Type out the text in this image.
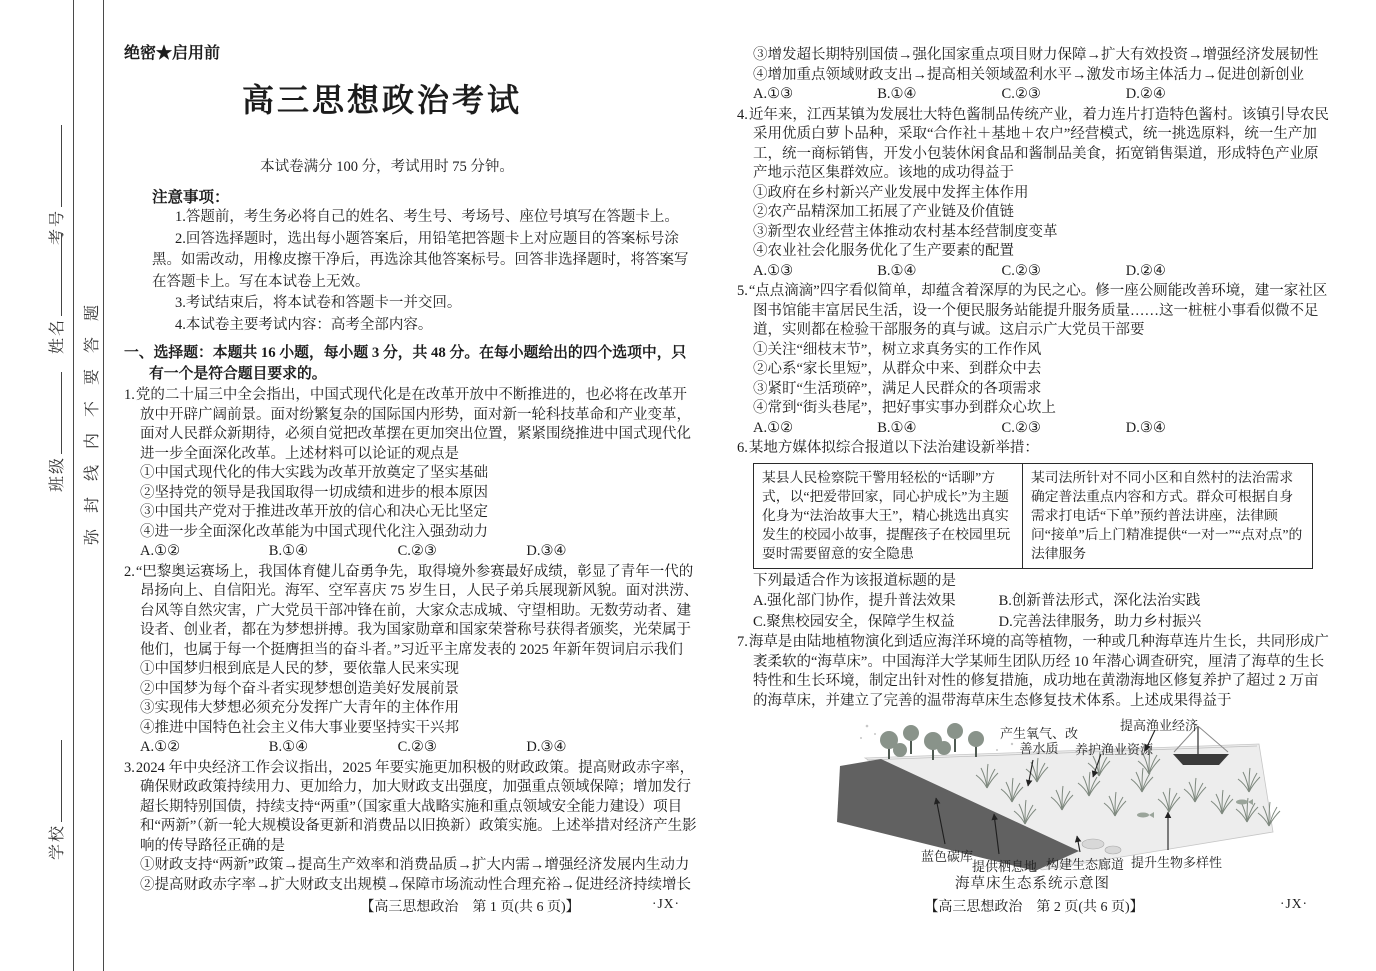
考号
姓名
班级
学校
弥封线内不要答题
绝密★启用前
高三思想政治考试
本试卷满分 100 分，考试用时 75 分钟。
注意事项：

1.答题前，考生务必将自己的姓名、考生号、考场号、座位号填写在答题卡上。

2.回答选择题时，选出每小题答案后，用铅笔把答题卡上对应题目的答案标号涂黑。如需改动，用橡皮擦干净后，再选涂其他答案标号。回答非选择题时，将答案写在答题卡上。写在本试卷上无效。

3.考试结束后，将本试卷和答题卡一并交回。

4.本试卷主要考试内容：高考全部内容。

一、选择题：本题共 16 小题，每小题 3 分，共 48 分。在每小题给出的四个选项中，只有一个是符合题目要求的。

1.党的二十届三中全会指出，中国式现代化是在改革开放中不断推进的，也必将在改革开放中开辟广阔前景。面对纷繁复杂的国际国内形势，面对新一轮科技革命和产业变革，面对人民群众新期待，必须自觉把改革摆在更加突出位置，紧紧围绕推进中国式现代化进一步全面深化改革。上述材料可以论证的观点是

①中国式现代化的伟大实践为改革开放奠定了坚实基础
②坚持党的领导是我国取得一切成绩和进步的根本原因
③中国共产党对于推进改革开放的信心和决心无比坚定
④进一步全面深化改革能为中国式现代化注入强劲动力
A.①②	B.①④	C.②③	D.③④

2.“巴黎奥运赛场上，我国体育健儿奋勇争先，取得境外参赛最好成绩，彰显了青年一代的昂扬向上、自信阳光。海军、空军喜庆 75 岁生日，人民子弟兵展现新风貌。面对洪涝、台风等自然灾害，广大党员干部冲锋在前，大家众志成城、守望相助。无数劳动者、建设者、创业者，都在为梦想拼搏。我为国家勋章和国家荣誉称号获得者颁奖，光荣属于他们，也属于每一个挺膺担当的奋斗者。”习近平主席发表的 2025 年新年贺词启示我们

①中国梦归根到底是人民的梦，要依靠人民来实现
②中国梦为每个奋斗者实现梦想创造美好发展前景
③实现伟大梦想必须充分发挥广大青年的主体作用
④推进中国特色社会主义伟大事业要坚持实干兴邦
A.①②	B.①④	C.②③	D.③④

3.2024 年中央经济工作会议指出，2025 年要实施更加积极的财政政策。提高财政赤字率，确保财政政策持续用力、更加给力，加大财政支出强度，加强重点领域保障；增加发行超长期特别国债，持续支持“两重”（国家重大战略实施和重点领域安全能力建设）项目和“两新”（新一轮大规模设备更新和消费品以旧换新）政策实施。上述举措对经济产生影响的传导路径正确的是

①财政支持“两新”政策→提高生产效率和消费品质→扩大内需→增强经济发展内生动力
②提高财政赤字率→扩大财政支出规模→保障市场流动性合理充裕→促进经济持续增长
③增发超长期特别国债→强化国家重点项目财力保障→扩大有效投资→增强经济发展韧性
④增加重点领域财政支出→提高相关领域盈利水平→激发市场主体活力→促进创新创业
A.①③	B.①④	C.②③	D.②④

4.近年来，江西某镇为发展壮大特色酱制品传统产业，着力连片打造特色酱村。该镇引导农民采用优质白萝卜品种，采取“合作社＋基地＋农户”经营模式，统一挑选原料，统一生产加工，统一商标销售，开发小包装休闲食品和酱制品美食，拓宽销售渠道，形成特色产业原产地示范区集群效应。该地的成功得益于

①政府在乡村新兴产业发展中发挥主体作用
②农产品精深加工拓展了产业链及价值链
③新型农业经营主体推动农村基本经营制度变革
④农业社会化服务优化了生产要素的配置
A.①③	B.①④	C.②③	D.②④

5.“点点滴滴”四字看似简单，却蕴含着深厚的为民之心。修一座公厕能改善环境，建一家社区图书馆能丰富居民生活，设一个便民服务站能提升服务质量……这一桩桩小事看似微不足道，实则都在检验干部服务的真与诚。这启示广大党员干部要

①关注“细枝末节”，树立求真务实的工作作风
②心系“家长里短”，从群众中来、到群众中去
③紧盯“生活琐碎”，满足人民群众的各项需求
④常到“街头巷尾”，把好事实事办到群众心坎上
A.①②	B.①④	C.②③	D.③④

6.某地方媒体拟综合报道以下法治建设新举措：

某县人民检察院干警用轻松的“话聊”方式，以“把爱带回家，同心护成长”为主题化身为“法治故事大王”，精心挑选出真实发生的校园小故事，提醒孩子在校园里玩耍时需要留意的安全隐患
某司法所针对不同小区和自然村的法治需求确定普法重点内容和方式。群众可根据自身需求打电话“下单”预约普法讲座，法律顾问“接单”后上门精准提供“一对一”“点对点”的法律服务
下列最适合作为该报道标题的是
A.强化部门协作，提升普法效果	B.创新普法形式，深化法治实践
C.聚焦校园安全，保障学生权益	D.完善法律服务，助力乡村振兴

7.海草是由陆地植物演化到适应海洋环境的高等植物，一种或几种海草连片生长，共同形成广袤柔软的“海草床”。中国海洋大学某师生团队历经 10 年潜心调查研究，厘清了海草的生长特性和生长环境，制定出针对性的修复措施，成功地在黄渤海地区修复养护了超过 2 万亩的海草床，并建立了完善的温带海草床生态修复技术体系。上述成果得益于

产生氧气、改善水质
提高渔业经济
养护渔业资源
蓝色碳库
提供栖息地 构建生态廊道 提升生物多样性
海草床生态系统示意图
【高三思想政治　第 1 页(共 6 页)】	·JX·	【高三思想政治　第 2 页(共 6 页)】	·JX·
